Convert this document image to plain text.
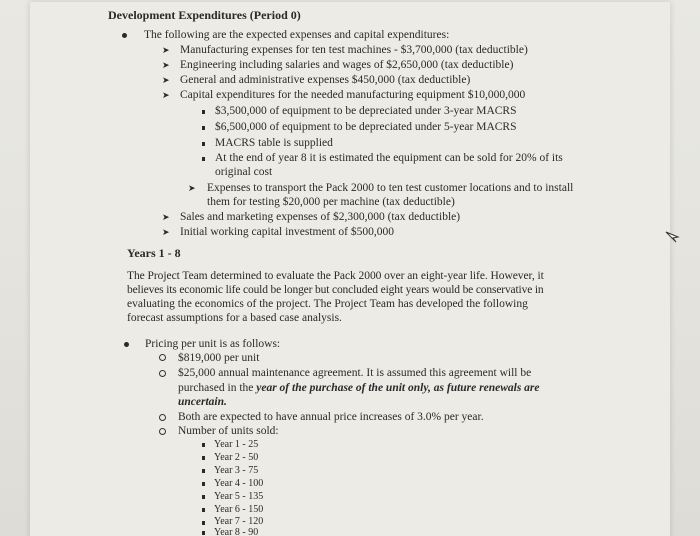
Development Expenditures (Period 0)
The following are the expected expenses and capital expenditures:
➤ Manufacturing expenses for ten test machines - $3,700,000 (tax deductible)
➤ Engineering including salaries and wages of $2,650,000 (tax deductible)
➤ General and administrative expenses $450,000 (tax deductible)
➤ Capital expenditures for the needed manufacturing equipment $10,000,000
$3,500,000 of equipment to be depreciated under 3-year MACRS
$6,500,000 of equipment to be depreciated under 5-year MACRS
MACRS table is supplied
At the end of year 8 it is estimated the equipment can be sold for 20% of its
original cost
➤ Expenses to transport the Pack 2000 to ten test customer locations and to install
them for testing $20,000 per machine (tax deductible)
➤ Sales and marketing expenses of $2,300,000 (tax deductible)
➤ Initial working capital investment of $500,000
Years 1 - 8
The Project Team determined to evaluate the Pack 2000 over an eight-year life. However, it
believes its economic life could be longer but concluded eight years would be conservative in
evaluating the economics of the project. The Project Team has developed the following
forecast assumptions for a based case analysis.
Pricing per unit is as follows:
$819,000 per unit
$25,000 annual maintenance agreement. It is assumed this agreement will be
purchased in the year of the purchase of the unit only, as future renewals are
uncertain.
Both are expected to have annual price increases of 3.0% per year.
Number of units sold:
Year 1 - 25
Year 2 - 50
Year 3 - 75
Year 4 - 100
Year 5 - 135
Year 6 - 150
Year 7 - 120
Year 8 - 90
